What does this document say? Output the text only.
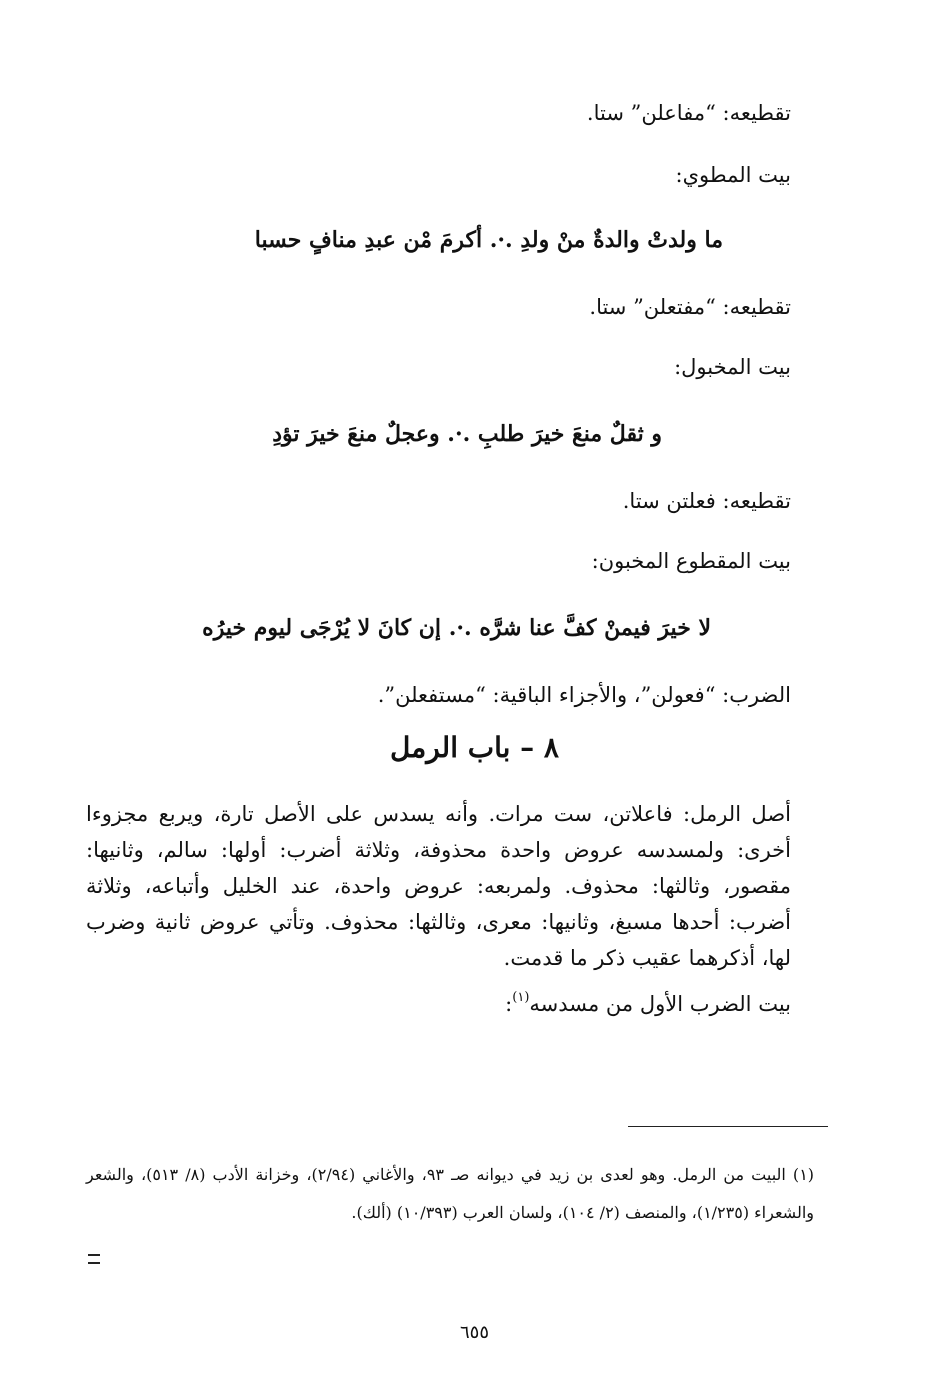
تقطيعه: “مفاعلن” ستا.
بيت المطوي:
ما ولدتْ والدةٌ منْ ولدِ .·. أكرمَ مْن عبدِ منافٍ حسبا
تقطيعه: “مفتعلن” ستا.
بيت المخبول:
و ثقلٌ منعَ خيرَ طلبِ .·. وعجلٌ منعَ خيرَ تؤدِ
تقطيعه: فعلتن ستا.
بيت المقطوع المخبون:
لا خيرَ فيمنْ كفَّ عنا شرَّه .·. إن كانَ لا يُرْجَى ليوم خيرُه
الضرب: “فعولن”، والأجزاء الباقية: “مستفعلن”.
٨ – باب الرمل

أصل الرمل: فاعلاتن، ست مرات. وأنه يسدس على الأصل تارة، ويربع مجزوءا أخرى: ولمسدسه عروض واحدة محذوفة، وثلاثة أضرب: أولها: سالم، وثانيها: مقصور، وثالثها: محذوف. ولمربعه: عروض واحدة، عند الخليل وأتباعه، وثلاثة أضرب: أحدها مسبغ، وثانيها: معرى، وثالثها: محذوف. وتأتي عروض ثانية وضرب لها، أذكرهما عقيب ذكر ما قدمت.

بيت الضرب الأول من مسدسه$^{(١)}$:

(١) البيت من الرمل. وهو لعدى بن زيد في ديوانه صـ ٩٣، والأغاني (٢/٩٤)، وخزانة الأدب (٨/ ٥١٣)، والشعر والشعراء (١/٢٣٥)، والمنصف (٢/ ١٠٤)، ولسان العرب (١٠/٣٩٣) (ألك).
٦٥٥
